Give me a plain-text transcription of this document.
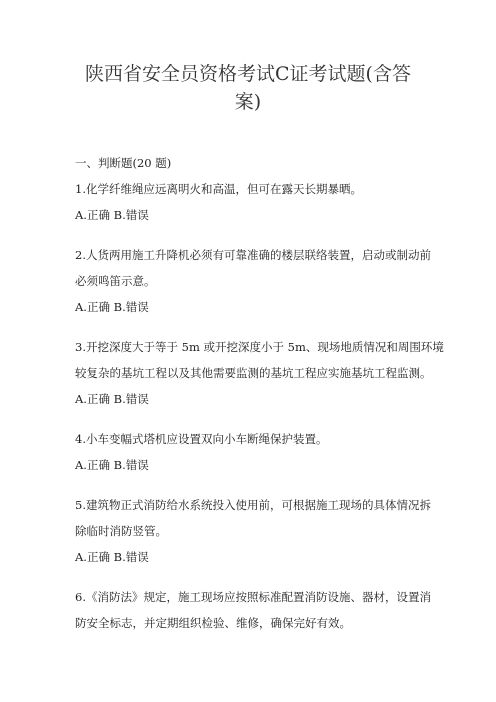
陕西省安全员资格考试C证考试题(含答
案)
一、判断题(20 题)
1.化学纤维绳应远离明火和高温，但可在露天长期暴晒。
A.正确 B.错误
2.人货两用施工升降机必须有可靠准确的楼层联络装置，启动或制动前
必须鸣笛示意。
A.正确 B.错误
3.开挖深度大于等于 5m 或开挖深度小于 5m、现场地质情况和周围环境
较复杂的基坑工程以及其他需要监测的基坑工程应实施基坑工程监测。
A.正确 B.错误
4.小车变幅式塔机应设置双向小车断绳保护装置。
A.正确 B.错误
5.建筑物正式消防给水系统投入使用前，可根据施工现场的具体情况拆
除临时消防竖管。
A.正确 B.错误
6.《消防法》规定，施工现场应按照标准配置消防设施、器材，设置消
防安全标志，并定期组织检验、维修，确保完好有效。
